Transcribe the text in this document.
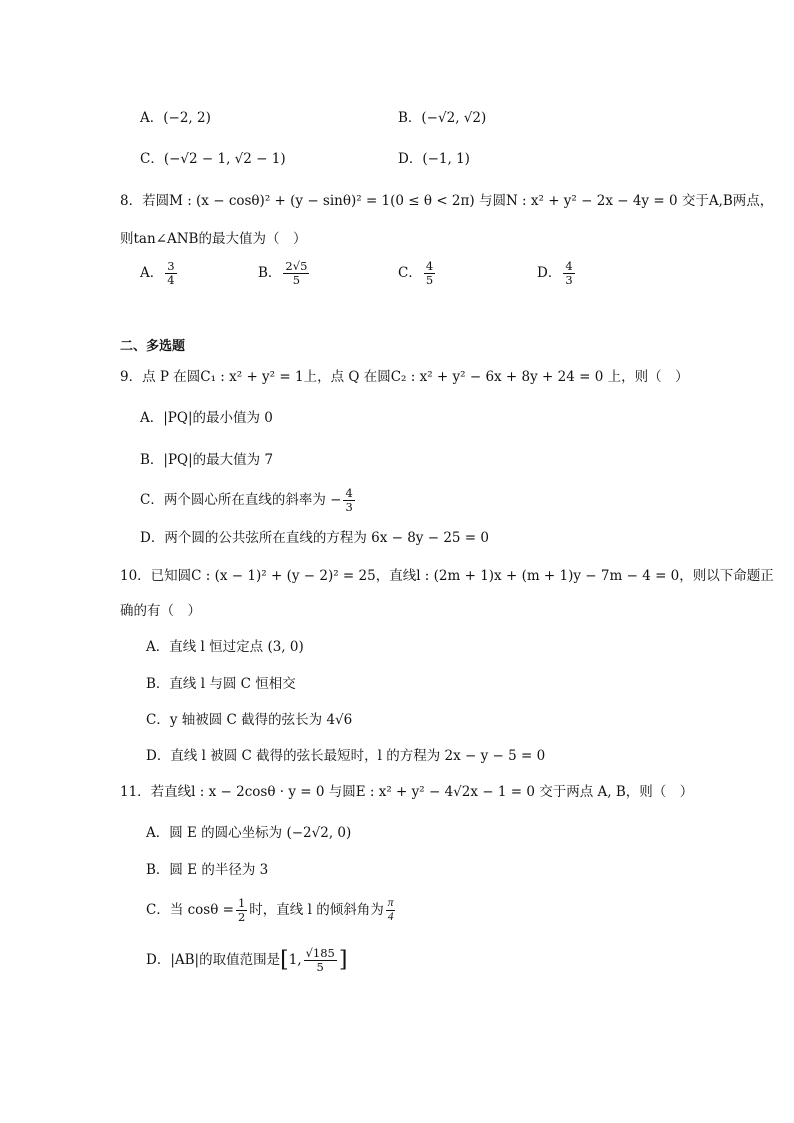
A．(−2, 2)	B．(−√2, √2)
C．(−√2 − 1, √2 − 1)	D．(−1, 1)
8．若圆M : (x − cosθ)² + (y − sinθ)² = 1(0 ≤ θ < 2π) 与圆N : x² + y² − 2x − 4y = 0 交于A,B两点，
则tan∠ANB的最大值为（　）
A． $\frac{3}{4}$	B． $\frac{2√5}{5}$	C． $\frac{4}{5}$	D． $\frac{4}{3}$
二、多选题
9．点 P 在圆C₁ : x² + y² = 1上，点 Q 在圆C₂ : x² + y² − 6x + 8y + 24 = 0 上，则（　）
A．|PQ|的最小值为 0
B．|PQ|的最大值为 7
C．两个圆心所在直线的斜率为 − $\frac{4}{3}$
D．两个圆的公共弦所在直线的方程为 6x − 8y − 25 = 0
10．已知圆C : (x − 1)² + (y − 2)² = 25，直线l : (2m + 1)x + (m + 1)y − 7m − 4 = 0，则以下命题正
确的有（　）
A．直线 l 恒过定点 (3, 0)
B．直线 l 与圆 C 恒相交
C．y 轴被圆 C 截得的弦长为 4√6
D．直线 l 被圆 C 截得的弦长最短时，l 的方程为 2x − y − 5 = 0
11．若直线l : x − 2cosθ · y = 0 与圆E : x² + y² − 4√2x − 1 = 0 交于两点 A, B，则（　）
A．圆 E 的圆心坐标为 (−2√2, 0)
B．圆 E 的半径为 3
C．当 $\cos\theta = \frac{1}{2}$ 时，直线 l 的倾斜角为 $\frac{\pi}{4}$
D．|AB|的取值范围是[1, $\frac{√185}{5}$ ]
